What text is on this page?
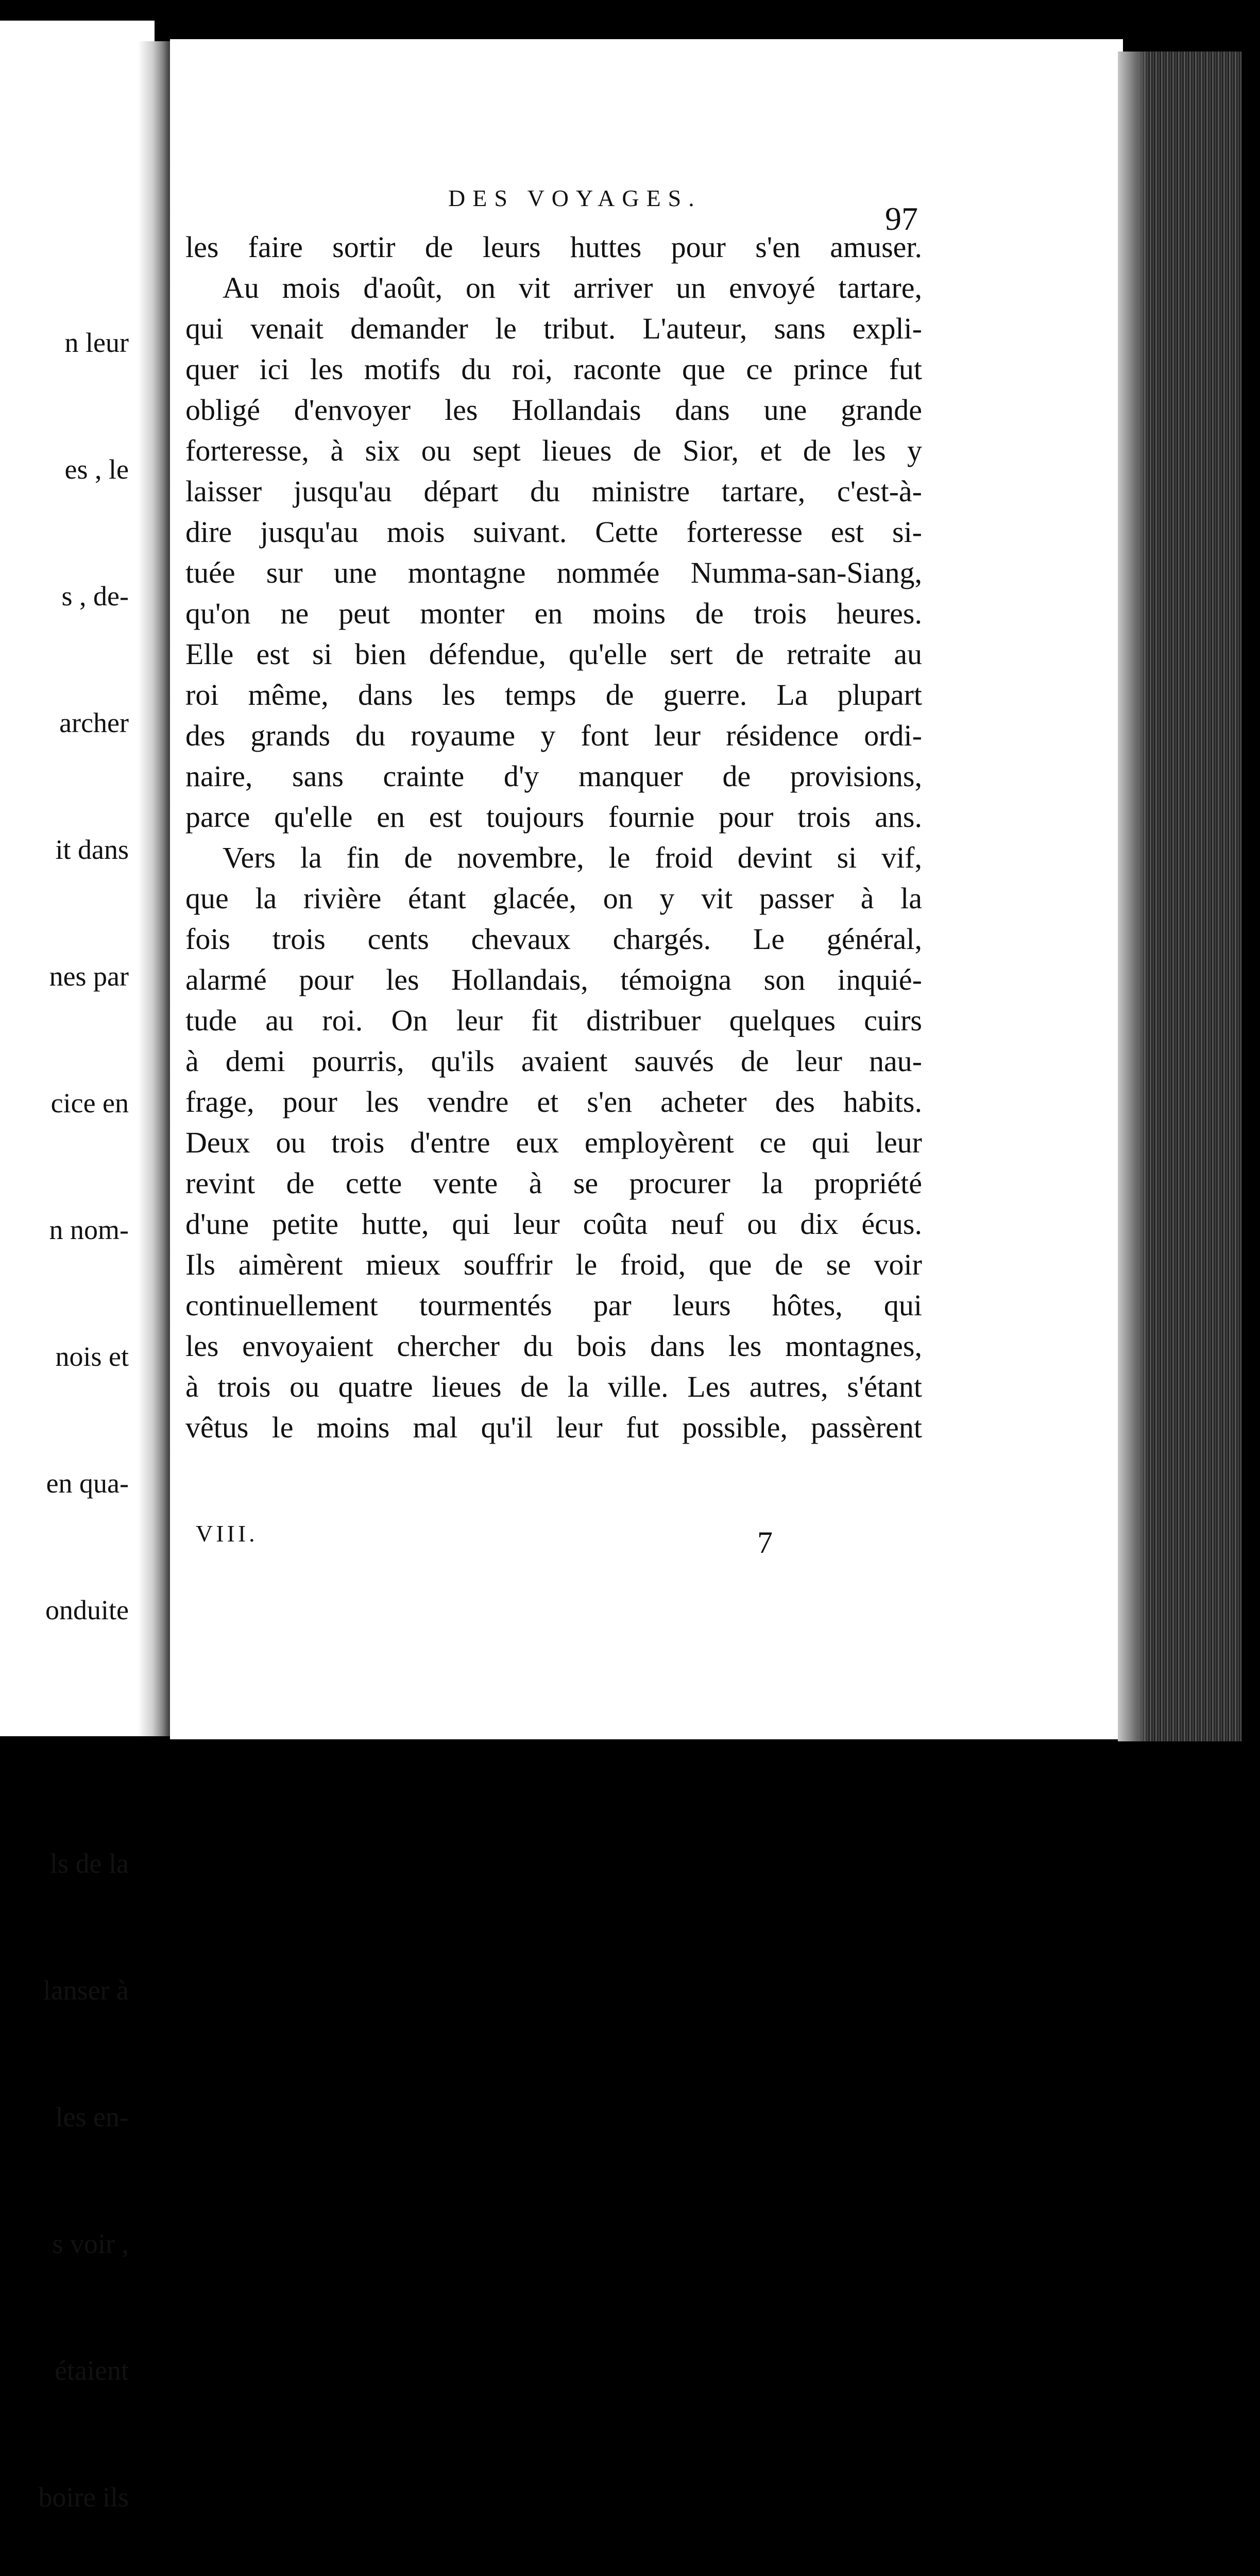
n leur

es , le

s , de-

archer

it dans

nes par

cice en

n nom-

nois et

en qua-

onduite

ls de la

lanser à

les en-

s voir ,

étaient

boire ils

DES VOYAGES.
97
les faire sortir de leurs huttes pour s'en amuser.
Au mois d'août, on vit arriver un envoyé tartare,
qui venait demander le tribut. L'auteur, sans expli-
quer ici les motifs du roi, raconte que ce prince fut
obligé d'envoyer les Hollandais dans une grande
forteresse, à six ou sept lieues de Sior, et de les y
laisser jusqu'au départ du ministre tartare, c'est-à-
dire jusqu'au mois suivant. Cette forteresse est si-
tuée sur une montagne nommée Numma-san-Siang,
qu'on ne peut monter en moins de trois heures.
Elle est si bien défendue, qu'elle sert de retraite au
roi même, dans les temps de guerre. La plupart
des grands du royaume y font leur résidence ordi-
naire, sans crainte d'y manquer de provisions,
parce qu'elle en est toujours fournie pour trois ans.
Vers la fin de novembre, le froid devint si vif,
que la rivière étant glacée, on y vit passer à la
fois trois cents chevaux chargés. Le général,
alarmé pour les Hollandais, témoigna son inquié-
tude au roi. On leur fit distribuer quelques cuirs
à demi pourris, qu'ils avaient sauvés de leur nau-
frage, pour les vendre et s'en acheter des habits.
Deux ou trois d'entre eux employèrent ce qui leur
revint de cette vente à se procurer la propriété
d'une petite hutte, qui leur coûta neuf ou dix écus.
Ils aimèrent mieux souffrir le froid, que de se voir
continuellement tourmentés par leurs hôtes, qui
les envoyaient chercher du bois dans les montagnes,
à trois ou quatre lieues de la ville. Les autres, s'étant
vêtus le moins mal qu'il leur fut possible, passèrent
VIII.	7
